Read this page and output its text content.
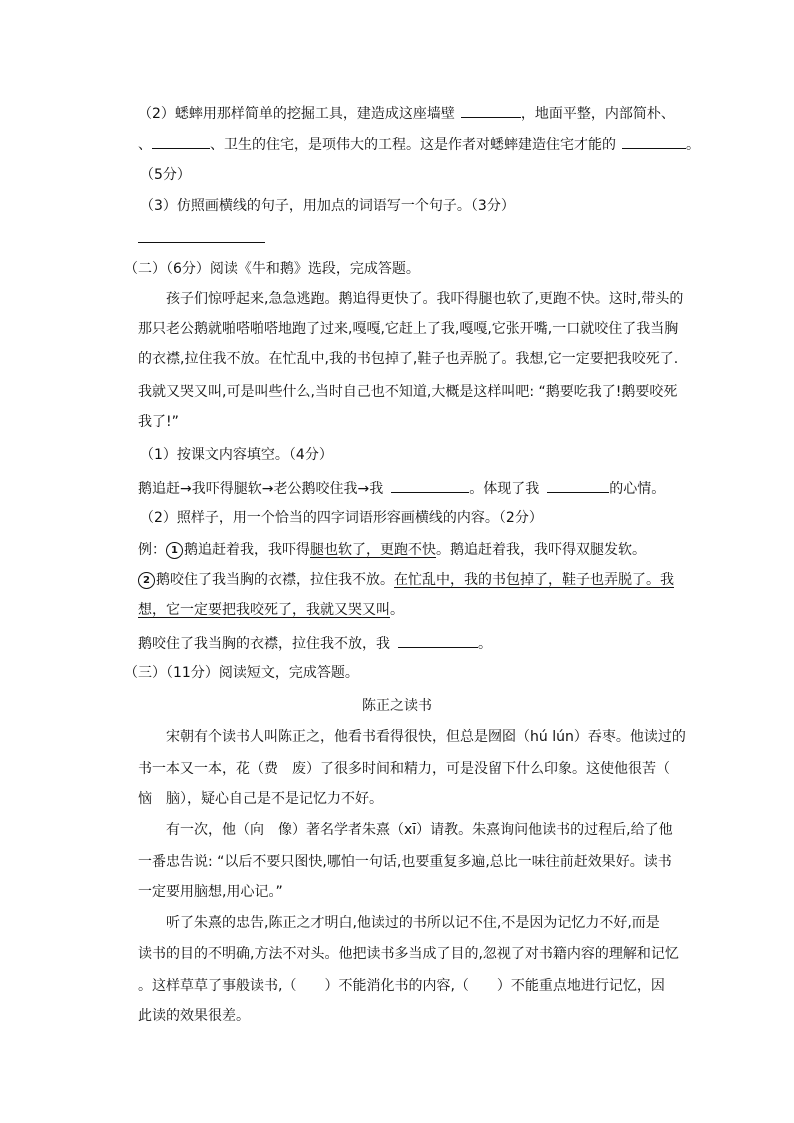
（2）蟋蟀用那样简单的挖掘工具，建造成这座墙壁	，地面平整，内部简朴、
、	、卫生的住宅，是项伟大的工程。这是作者对蟋蟀建造住宅才能的	。
（5分）
（3）仿照画横线的句子，用加点的词语写一个句子。（3分）
（二）（6分）阅读《牛和鹅》选段，完成答题。
孩子们惊呼起来,急急逃跑。鹅追得更快了。我吓得腿也软了,更跑不快。这时,带头的
那只老公鹅就啪嗒啪嗒地跑了过来,嘎嘎,它赶上了我,嘎嘎,它张开嘴,一口就咬住了我当胸
的衣襟,拉住我不放。在忙乱中,我的书包掉了,鞋子也弄脱了。我想,它一定要把我咬死了.
我就又哭又叫,可是叫些什么,当时自己也不知道,大概是这样叫吧: “鹅要吃我了!鹅要咬死
我了!”
（1）按课文内容填空。（4分）
鹅追赶→我吓得腿软→老公鹅咬住我→我	。体现了我	的心情。
（2）照样子，用一个恰当的四字词语形容画横线的内容。（2分）
例： 1 鹅追赶着我，我吓得腿也软了，更跑不快。鹅追赶着我，我吓得双腿发软。
2 鹅咬住了我当胸的衣襟，拉住我不放。在忙乱中，我的书包掉了，鞋子也弄脱了。我
想，它一定要把我咬死了，我就又哭又叫。
鹅咬住了我当胸的衣襟，拉住我不放，我	。
（三）（11分）阅读短文，完成答题。
陈正之读书
宋朝有个读书人叫陈正之，他看书看得很快，但总是囫囵（hú lún）吞枣。他读过的
书一本又一本，花（费　废）了很多时间和精力，可是没留下什么印象。这使他很苦（
恼　脑），疑心自己是不是记忆力不好。
有一次，他（向　像）著名学者朱熹（xī）请教。朱熹询问他读书的过程后,给了他
一番忠告说: “以后不要只图快,哪怕一句话,也要重复多遍,总比一味往前赶效果好。读书
一定要用脑想,用心记。”
听了朱熹的忠告,陈正之才明白,他读过的书所以记不住,不是因为记忆力不好,而是
读书的目的不明确,方法不对头。他把读书多当成了目的,忽视了对书籍内容的理解和记忆
。这样草草了事般读书,（　　）不能消化书的内容,（　　）不能重点地进行记忆，因
此读的效果很差。
